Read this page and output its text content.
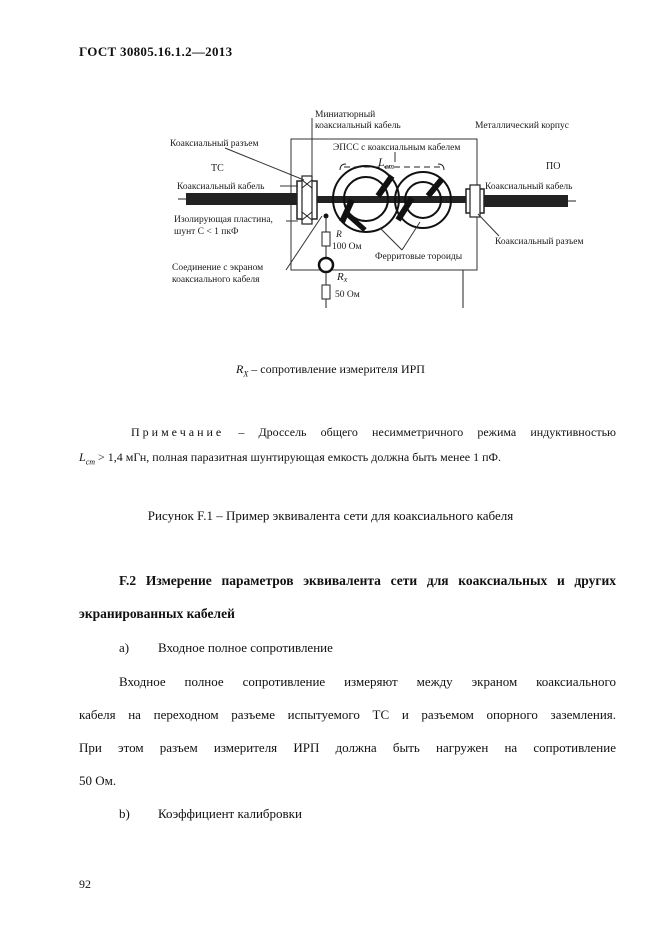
ГОСТ 30805.16.1.2—2013
Миниатюрный
коаксиальный кабель	Металлический корпус
Коаксиальный разъем	ЭПСС с коаксиальным кабелем
$L_{cm}$
ТС	ПО
Коаксиальный кабель	Коаксиальный кабель
Изолирующая пластина,
шунт C < 1 пкФ	R
100 Ом	Коаксиальный разъем
Ферритовые тороиды
Соединение с экраном
коаксиального кабеля	Rx
50 Ом
$R_X$ – сопротивление измерителя ИРП
Примечание – Дроссель общего несимметричного режима индуктивностью
$L_{cm} > 1,4$ мГн, полная паразитная шунтирующая емкость должна быть менее 1 пФ.
Рисунок F.1 – Пример эквивалента сети для коаксиального кабеля
F.2 Измерение параметров эквивалента сети для коаксиальных и других
экранированных кабелей
a) Входное полное сопротивление
Входное полное сопротивление измеряют между экраном коаксиального
кабеля на переходном разъеме испытуемого ТС и разъемом опорного заземления.
При этом разъем измерителя ИРП должна быть нагружен на сопротивление
50 Ом.
b) Коэффициент калибровки
92
